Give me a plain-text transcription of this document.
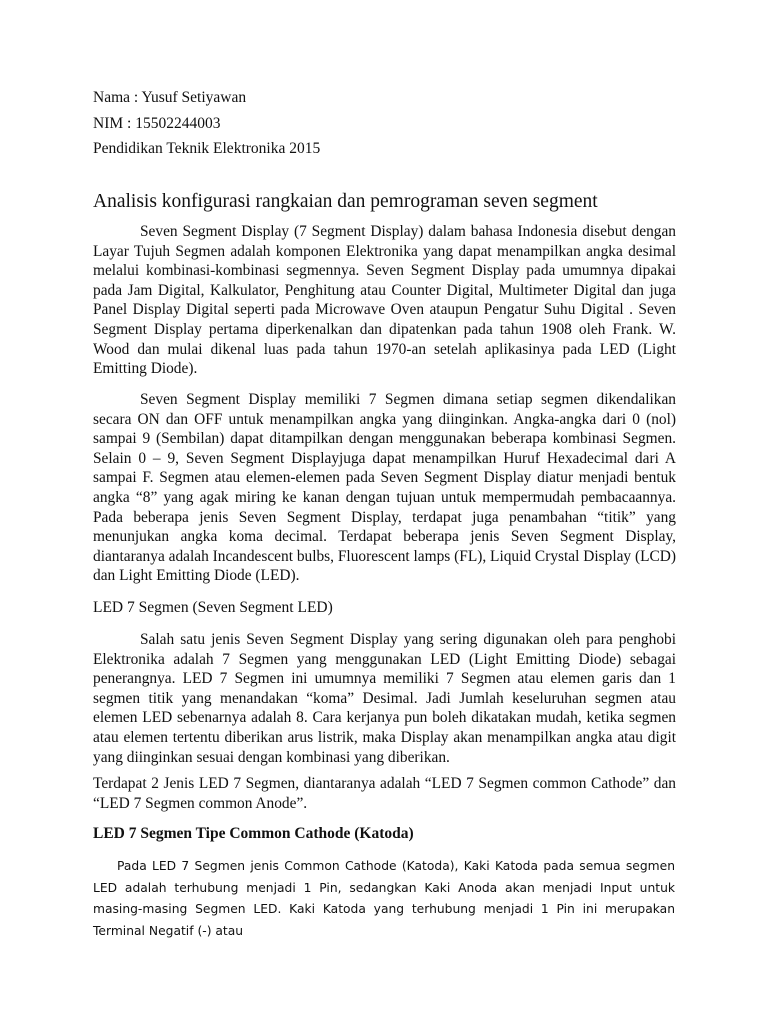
Nama : Yusuf Setiyawan
NIM : 15502244003
Pendidikan Teknik Elektronika 2015
Analisis konfigurasi rangkaian dan pemrograman seven segment

Seven Segment Display (7 Segment Display) dalam bahasa Indonesia disebut dengan Layar Tujuh Segmen adalah komponen Elektronika yang dapat menampilkan angka desimal melalui kombinasi-kombinasi segmennya. Seven Segment Display pada umumnya dipakai pada Jam Digital, Kalkulator, Penghitung atau Counter Digital, Multimeter Digital dan juga Panel Display Digital seperti pada Microwave Oven ataupun Pengatur Suhu Digital . Seven Segment Display pertama diperkenalkan dan dipatenkan pada tahun 1908 oleh Frank. W. Wood dan mulai dikenal luas pada tahun 1970-an setelah aplikasinya pada LED (Light Emitting Diode).

Seven Segment Display memiliki 7 Segmen dimana setiap segmen dikendalikan secara ON dan OFF untuk menampilkan angka yang diinginkan. Angka-angka dari 0 (nol) sampai 9 (Sembilan) dapat ditampilkan dengan menggunakan beberapa kombinasi Segmen. Selain 0 – 9, Seven Segment Displayjuga dapat menampilkan Huruf Hexadecimal dari A sampai F. Segmen atau elemen-elemen pada Seven Segment Display diatur menjadi bentuk angka “8” yang agak miring ke kanan dengan tujuan untuk mempermudah pembacaannya. Pada beberapa jenis Seven Segment Display, terdapat juga penambahan “titik” yang menunjukan angka koma decimal. Terdapat beberapa jenis Seven Segment Display, diantaranya adalah Incandescent bulbs, Fluorescent lamps (FL), Liquid Crystal Display (LCD) dan Light Emitting Diode (LED).

LED 7 Segmen (Seven Segment LED)

Salah satu jenis Seven Segment Display yang sering digunakan oleh para penghobi Elektronika adalah 7 Segmen yang menggunakan LED (Light Emitting Diode) sebagai penerangnya. LED 7 Segmen ini umumnya memiliki 7 Segmen atau elemen garis dan 1 segmen titik yang menandakan “koma” Desimal. Jadi Jumlah keseluruhan segmen atau elemen LED sebenarnya adalah 8. Cara kerjanya pun boleh dikatakan mudah, ketika segmen atau elemen tertentu diberikan arus listrik, maka Display akan menampilkan angka atau digit yang diinginkan sesuai dengan kombinasi yang diberikan.

Terdapat 2 Jenis LED 7 Segmen, diantaranya adalah “LED 7 Segmen common Cathode” dan “LED 7 Segmen common Anode”.

LED 7 Segmen Tipe Common Cathode (Katoda)

Pada LED 7 Segmen jenis Common Cathode (Katoda), Kaki Katoda pada semua segmen LED adalah terhubung menjadi 1 Pin, sedangkan Kaki Anoda akan menjadi Input untuk masing-masing Segmen LED. Kaki Katoda yang terhubung menjadi 1 Pin ini merupakan Terminal Negatif (-) atau
